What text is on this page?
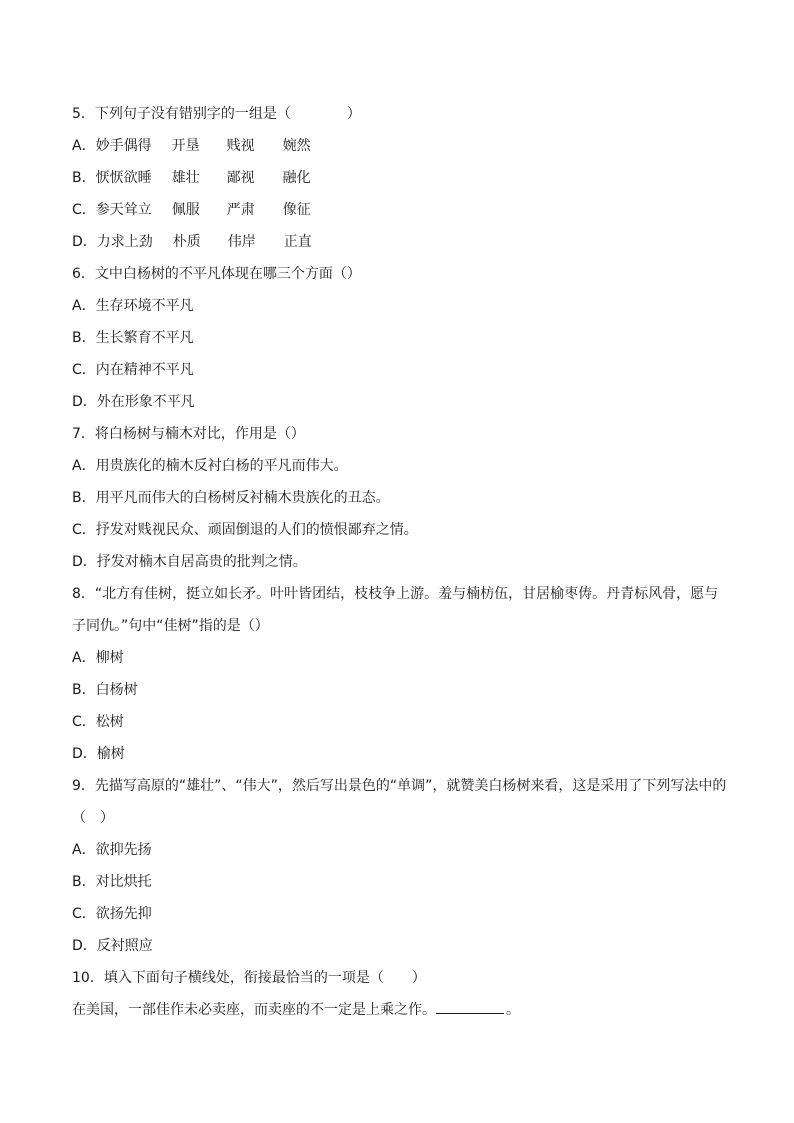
5．下列句子没有错别字的一组是（　　　　）
A．妙手偶得 开垦 贱视 婉然
B．恹恹欲睡 雄壮 鄙视 融化
C．参天耸立 佩服 严肃 像征
D．力求上劲 朴质 伟岸 正直
6．文中白杨树的不平凡体现在哪三个方面（）
A．生存环境不平凡
B．生长繁育不平凡
C．内在精神不平凡
D．外在形象不平凡
7．将白杨树与楠木对比，作用是（）
A．用贵族化的楠木反衬白杨的平凡而伟大。
B．用平凡而伟大的白杨树反衬楠木贵族化的丑态。
C．抒发对贱视民众、顽固倒退的人们的愤恨鄙弃之情。
D．抒发对楠木自居高贵的批判之情。
8．“北方有佳树，挺立如长矛。叶叶皆团结，枝枝争上游。羞与楠枋伍，甘居榆枣俦。丹青标风骨，愿与子同仇。”句中“佳树”指的是（）
A．柳树
B．白杨树
C．松树
D．榆树
9．先描写高原的“雄壮”、“伟大”，然后写出景色的“单调”，就赞美白杨树来看，这是采用了下列写法中的（　）
A．欲抑先扬
B．对比烘托
C．欲扬先抑
D．反衬照应
10．填入下面句子横线处，衔接最恰当的一项是（　　）
在美国，一部佳作未必卖座，而卖座的不一定是上乘之作。	。
